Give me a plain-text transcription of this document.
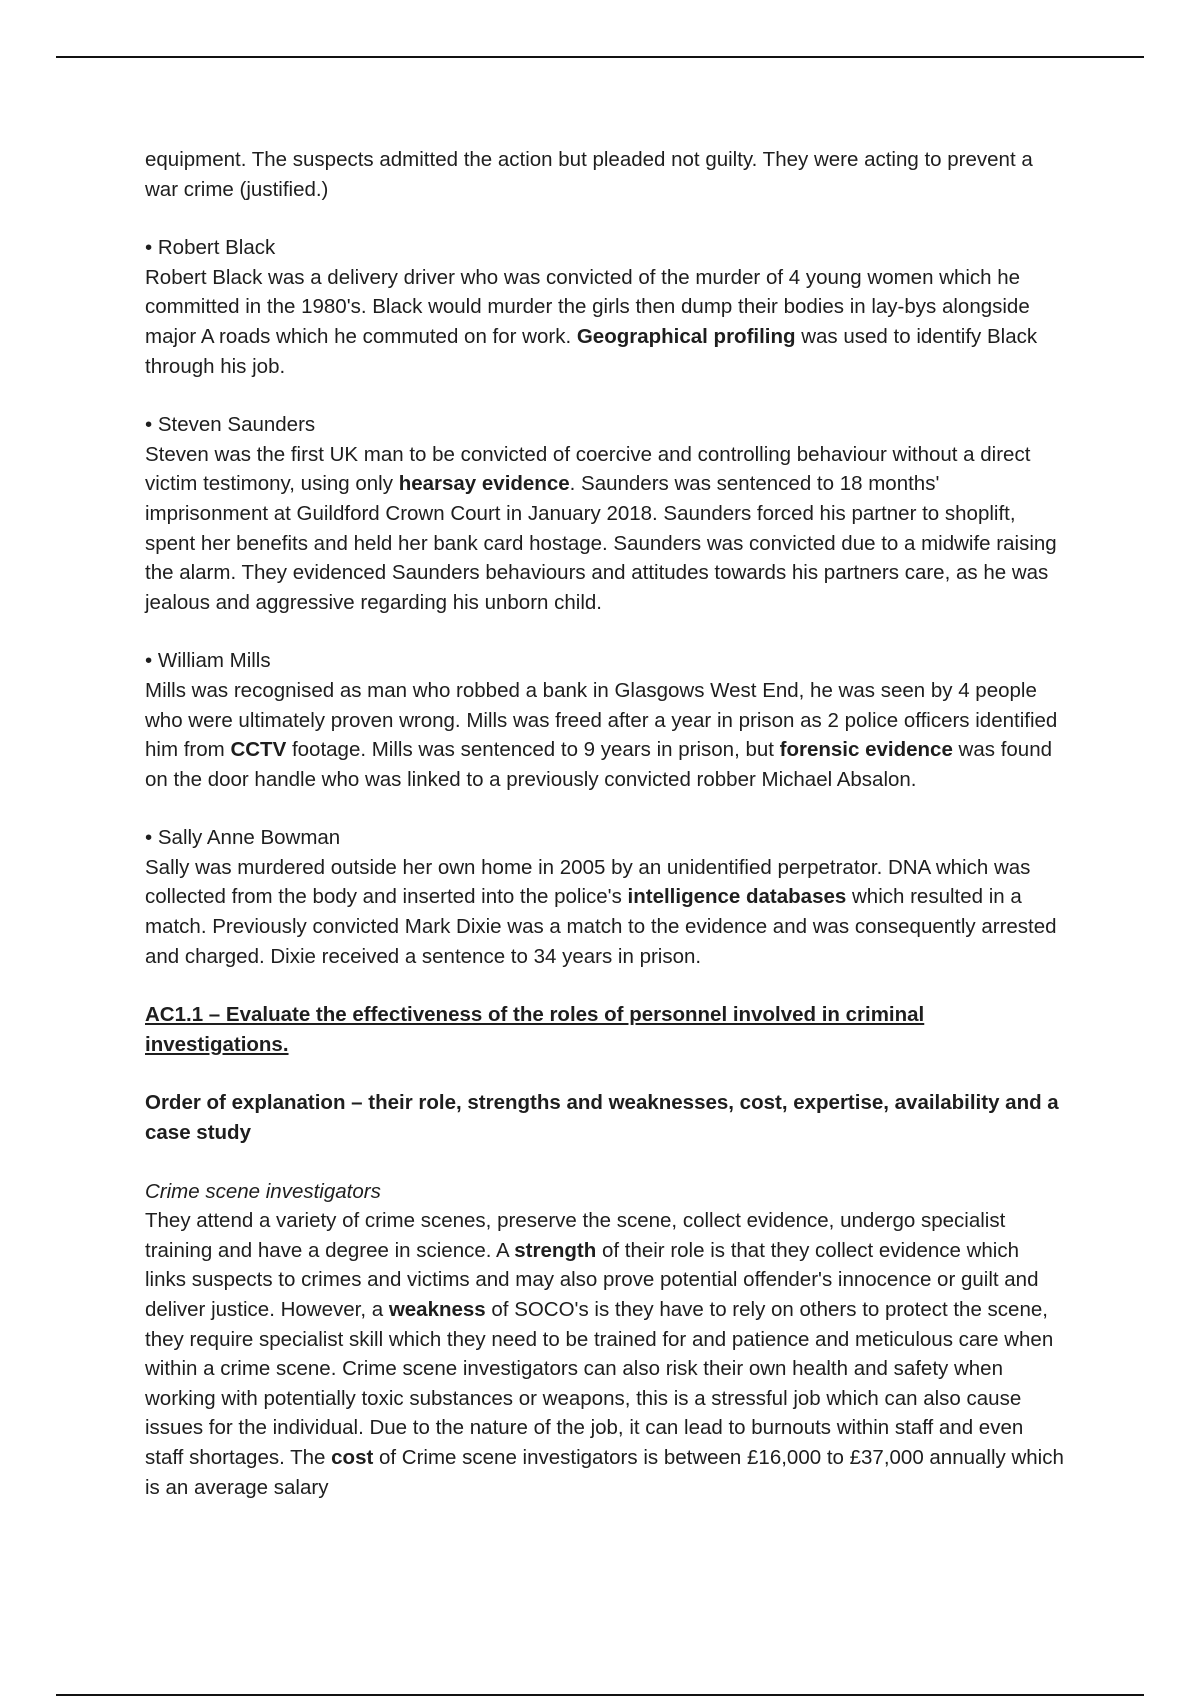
equipment. The suspects admitted the action but pleaded not guilty. They were acting to prevent a war crime (justified.)

• Robert Black
Robert Black was a delivery driver who was convicted of the murder of 4 young women which he committed in the 1980's. Black would murder the girls then dump their bodies in lay-bys alongside major A roads which he commuted on for work. Geographical profiling was used to identify Black through his job.
• Steven Saunders
Steven was the first UK man to be convicted of coercive and controlling behaviour without a direct victim testimony, using only hearsay evidence. Saunders was sentenced to 18 months' imprisonment at Guildford Crown Court in January 2018. Saunders forced his partner to shoplift, spent her benefits and held her bank card hostage. Saunders was convicted due to a midwife raising the alarm. They evidenced Saunders behaviours and attitudes towards his partners care, as he was jealous and aggressive regarding his unborn child.
• William Mills
Mills was recognised as man who robbed a bank in Glasgows West End, he was seen by 4 people who were ultimately proven wrong. Mills was freed after a year in prison as 2 police officers identified him from CCTV footage. Mills was sentenced to 9 years in prison, but forensic evidence was found on the door handle who was linked to a previously convicted robber Michael Absalon.
• Sally Anne Bowman
Sally was murdered outside her own home in 2005 by an unidentified perpetrator. DNA which was collected from the body and inserted into the police's intelligence databases which resulted in a match. Previously convicted Mark Dixie was a match to the evidence and was consequently arrested and charged. Dixie received a sentence to 34 years in prison.

AC1.1 – Evaluate the effectiveness of the roles of personnel involved in criminal investigations.

Order of explanation – their role, strengths and weaknesses, cost, expertise, availability and a case study

Crime scene investigators
They attend a variety of crime scenes, preserve the scene, collect evidence, undergo specialist training and have a degree in science. A strength of their role is that they collect evidence which links suspects to crimes and victims and may also prove potential offender's innocence or guilt and deliver justice. However, a weakness of SOCO's is they have to rely on others to protect the scene, they require specialist skill which they need to be trained for and patience and meticulous care when within a crime scene. Crime scene investigators can also risk their own health and safety when working with potentially toxic substances or weapons, this is a stressful job which can also cause issues for the individual. Due to the nature of the job, it can lead to burnouts within staff and even staff shortages. The cost of Crime scene investigators is between £16,000 to £37,000 annually which is an average salary
